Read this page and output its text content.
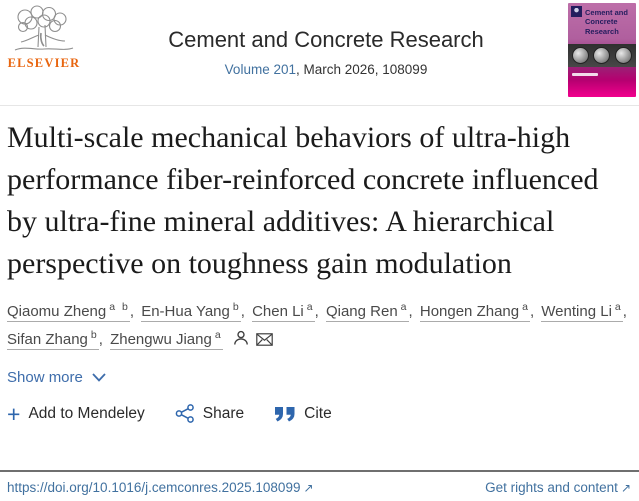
ELSEVIER
Cement and Concrete Research
Volume 201, March 2026, 108099
Cement and Concrete Research
Multi-scale mechanical behaviors of ultra-high performance fiber-reinforced concrete influenced by ultra-fine mineral additives: A hierarchical perspective on toughness gain modulation
Qiaomu Zheng $^{a b}$, En-Hua Yang $^b$, Chen Li $^a$, Qiang Ren $^a$, Hongen Zhang $^a$, Wenting Li $^a$, Sifan Zhang $^b$, Zhengwu Jiang $^a$
Show more
+ Add to Mendeley	Share	Cite
https://doi.org/10.1016/j.cemconres.2025.108099 ↗	Get rights and content ↗
